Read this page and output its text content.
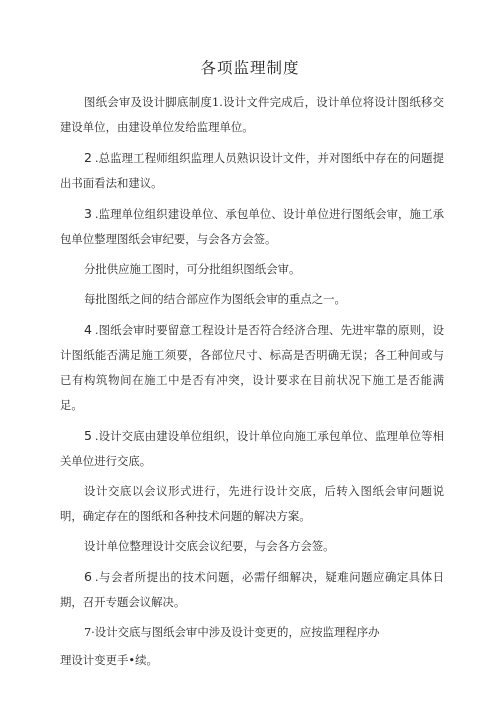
各项监理制度

图纸会审及设计脚底制度1.设计文件完成后，设计单位将设计图纸移交建设单位，由建设单位发给监理单位。

2 .总监理工程师组织监理人员熟识设计文件，并对图纸中存在的问题提出书面看法和建议。

3 .监理单位组织建设单位、承包单位、设计单位进行图纸会审，施工承包单位整理图纸会审纪要，与会各方会签。

分批供应施工图时，可分批组织图纸会审。

每批图纸之间的结合部应作为图纸会审的重点之一。

4 .图纸会审时要留意工程设计是否符合经济合理、先进牢靠的原则，设计图纸能否满足施工须要，各部位尺寸、标高是否明确无误；各工种间或与已有构筑物间在施工中是否有冲突，设计要求在目前状况下施工是否能满足。

5 .设计交底由建设单位组织，设计单位向施工承包单位、监理单位等相关单位进行交底。

设计交底以会议形式进行，先进行设计交底，后转入图纸会审问题说明，确定存在的图纸和各种技术问题的解决方案。

设计单位整理设计交底会议纪要，与会各方会签。

6 .与会者所提出的技术问题，必需仔细解决，疑难问题应确定具体日期，召开专题会议解决。

7·设计交底与图纸会审中涉及设计变更的，应按监理程序办

理设计变更手•续。
